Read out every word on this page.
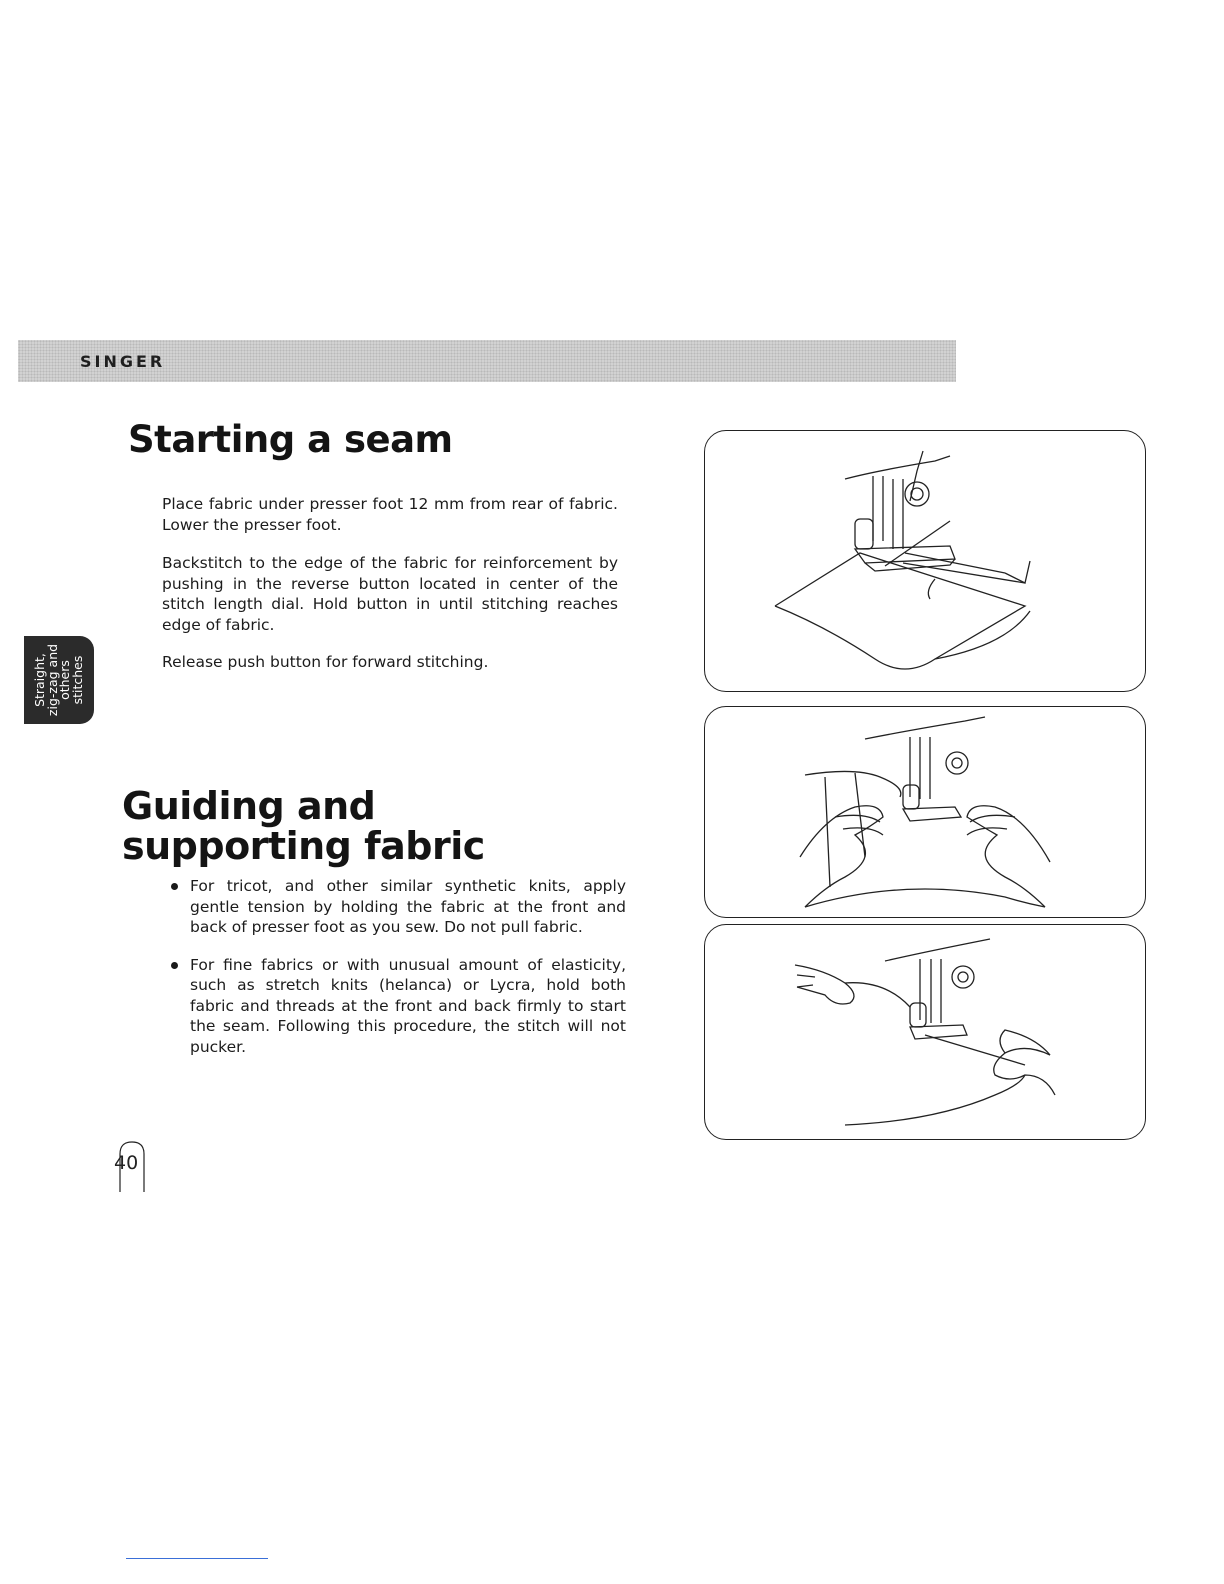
SINGER
Straight,
zig-zag and
others
stitches
Starting a seam

Place fabric under presser foot 12 mm from rear of fabric. Lower the presser foot.

Backstitch to the edge of the fabric for reinforcement by pushing in the reverse button located in center of the stitch length dial. Hold button in until stitching reaches edge of fabric.

Release push button for forward stitching.

Guiding and supporting fabric
For tricot, and other similar synthetic knits, apply gentle tension by holding the fabric at the front and back of presser foot as you sew. Do not pull fabric.
For fine fabrics or with unusual amount of elasticity, such as stretch knits (helanca) or Lycra, hold both fabric and threads at the front and back firmly to start the seam. Following this procedure, the stitch will not pucker.
40
